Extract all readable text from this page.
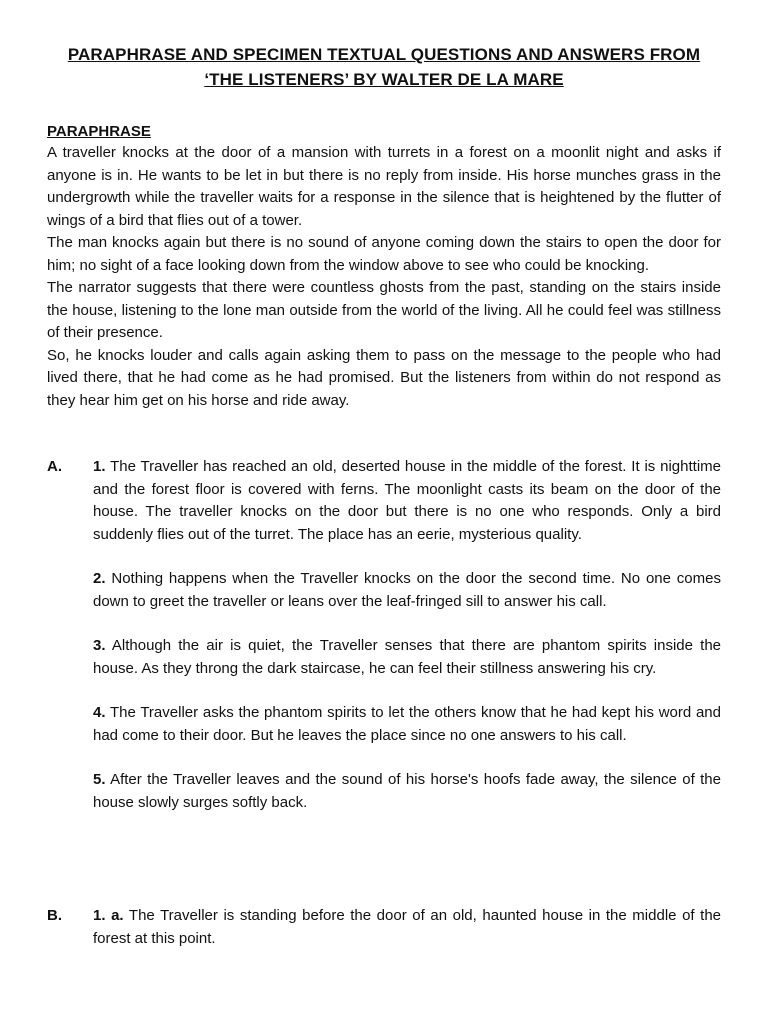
PARAPHRASE AND SPECIMEN TEXTUAL QUESTIONS AND ANSWERS FROM
‘THE LISTENERS’ BY WALTER DE LA MARE
PARAPHRASE

A traveller knocks at the door of a mansion with turrets in a forest on a moonlit night and asks if anyone is in. He wants to be let in but there is no reply from inside. His horse munches grass in the undergrowth while the traveller waits for a response in the silence that is heightened by the flutter of wings of a bird that flies out of a tower.

The man knocks again but there is no sound of anyone coming down the stairs to open the door for him; no sight of a face looking down from the window above to see who could be knocking.

The narrator suggests that there were countless ghosts from the past, standing on the stairs inside the house, listening to the lone man outside from the world of the living. All he could feel was stillness of their presence.

So, he knocks louder and calls again asking them to pass on the message to the people who had lived there, that he had come as he had promised. But the listeners from within do not respond as they hear him get on his horse and ride away.

A. 1. The Traveller has reached an old, deserted house in the middle of the forest. It is nighttime and the forest floor is covered with ferns. The moonlight casts its beam on the door of the house. The traveller knocks on the door but there is no one who responds. Only a bird suddenly flies out of the turret. The place has an eerie, mysterious quality.

2. Nothing happens when the Traveller knocks on the door the second time. No one comes down to greet the traveller or leans over the leaf-fringed sill to answer his call.

3. Although the air is quiet, the Traveller senses that there are phantom spirits inside the house. As they throng the dark staircase, he can feel their stillness answering his cry.

4. The Traveller asks the phantom spirits to let the others know that he had kept his word and had come to their door. But he leaves the place since no one answers to his call.

5. After the Traveller leaves and the sound of his horse's hoofs fade away, the silence of the house slowly surges softly back.

B. 1. a. The Traveller is standing before the door of an old, haunted house in the middle of the forest at this point.
